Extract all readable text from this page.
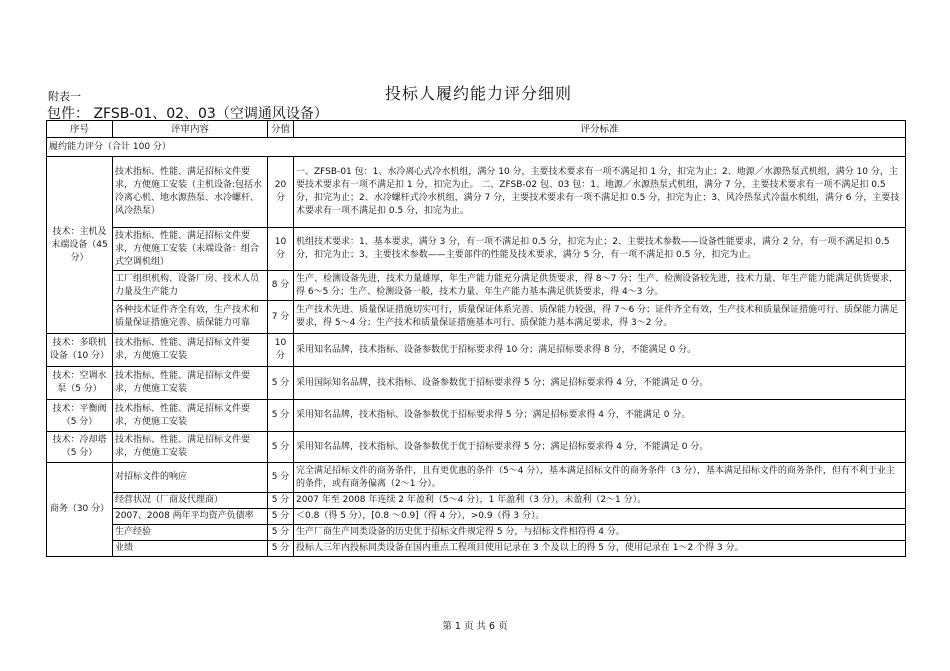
附表一	投标人履约能力评分细则
包件： ZFSB-01、02、03（空调通风设备）
序号	评审内容	分值	评分标准
履约能力评分（合计 100 分）			
技术：主机及末端设备（45分）	技术指标、性能、满足招标文件要求，方便施工安装（主机设备:包括水冷离心机、地水源热泵、水冷螺杆、风冷热泵）	20 分	一、ZFSB-01 包：1、水冷离心式冷水机组，满分 10 分，主要技术要求有一项不满足扣 1 分，扣完为止；2、地源／水源热泵式机组，满分 10 分，主要技术要求有一项不满足扣 1 分，扣完为止。 二、ZFSB-02 包、03 包：1、地源／水源热泵式机组，满分 7 分，主要技术要求有一项不满足扣 0.5 分，扣完为止；2、水冷螺杆式冷水机组，满分 7 分，主要技术要求有一项不满足扣 0.5 分，扣完为止；3、风冷热泵式冷温水机组，满分 6 分，主要技术要求有一项不满足扣 0.5 分，扣完为止。
	技术指标、性能、满足招标文件要求，方便施工安装（末端设备：组合式空调机组）	10 分	机组技术要求：1、基本要求，满分 3 分，有一项不满足扣 0.5 分，扣完为止；2、主要技术参数——设备性能要求，满分 2 分，有一项不满足扣 0.5 分，扣完为止；3、主要技术参数——主要部件的性能及技术要求，满分 5 分，有一项不满足扣 0.5 分，扣完为止。
	工厂组织机构、设备厂房、技术人员力量及生产能力	8 分	生产、检测设备先进，技术力量雄厚，年生产能力能充分满足供货要求，得 8～7 分；生产、检测设备较先进，技术力量、年生产能力能满足供货要求，得 6～5 分；生产、检测设备一般，技术力量、年生产能力基本满足供货要求，得 4～3 分。
	各种技术证件齐全有效，生产技术和质量保证措施完善、质保能力可靠	7 分	生产技术先进、质量保证措施切实可行，质量保证体系完善、质保能力较强，得 7～6 分；证件齐全有效，生产技术和质量保证措施可行、质保能力满足要求，得 5～4 分；生产技术和质量保证措施基本可行、质保能力基本满足要求，得 3～2 分。
技术：多联机设备（10 分）	技术指标、性能、满足招标文件要求，方便施工安装	10 分	采用知名品牌，技术指标、设备参数优于招标要求得 10 分；满足招标要求得 8 分，不能满足 0 分。
技术：空调水泵（5 分）	技术指标、性能、满足招标文件要求，方便施工安装	5 分	采用国际知名品牌，技术指标、设备参数优于招标要求得 5 分；满足招标要求得 4 分，不能满足 0 分。
技术：平衡阀（5 分）	技术指标、性能、满足招标文件要求，方便施工安装	5 分	采用知名品牌，技术指标、设备参数优于招标要求得 5 分；满足招标要求得 4 分，不能满足 0 分。
技术：冷却塔（5 分）	技术指标、性能、满足招标文件要求，方便施工安装	5 分	采用知名品牌，技术指标、设备参数优于优于招标要求得 5 分；满足招标要求得 4 分，不能满足 0 分。
商务（30 分）	对招标文件的响应	5 分	完全满足招标文件的商务条件，且有更优惠的条件（5～4 分），基本满足招标文件的商务条件（3 分），基本满足招标文件的商务条件，但有不利于业主的条件，或有商务偏离（2～1 分）。
	经营状况（厂商及代理商）	5 分	2007 年至 2008 年连续 2 年盈利（5～4 分），1 年盈利（3 分），未盈利（2～1 分）。
	2007、2008 两年平均资产负债率	5 分	＜0.8（得 5 分），[0.8 ～0.9]（得 4 分），>0.9（得 3 分）。
	生产经验	5 分	生产厂商生产同类设备的历史优于招标文件规定得 5 分，与招标文件相符得 4 分。
	业绩	5 分	投标人三年内投标同类设备在国内重点工程项目使用记录在 3 个及以上的得 5 分，使用记录在 1～2 个得 3 分。
第 1 页 共 6 页
